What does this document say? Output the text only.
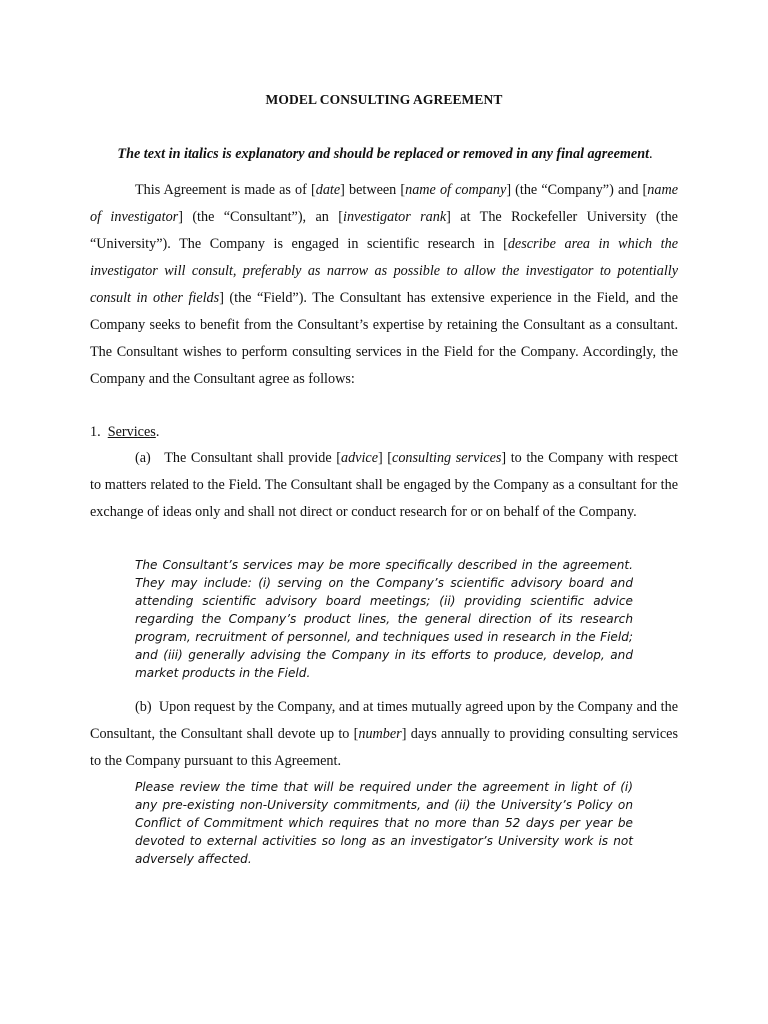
MODEL CONSULTING AGREEMENT
The text in italics is explanatory and should be replaced or removed in any final agreement.

This Agreement is made as of [date] between [name of company] (the “Company”) and [name of investigator] (the “Consultant”), an [investigator rank] at The Rockefeller University (the “University”). The Company is engaged in scientific research in [describe area in which the investigator will consult, preferably as narrow as possible to allow the investigator to potentially consult in other fields] (the “Field”). The Consultant has extensive experience in the Field, and the Company seeks to benefit from the Consultant’s expertise by retaining the Consultant as a consultant. The Consultant wishes to perform consulting services in the Field for the Company. Accordingly, the Company and the Consultant agree as follows:

1. Services.

(a) The Consultant shall provide [advice] [consulting services] to the Company with respect to matters related to the Field. The Consultant shall be engaged by the Company as a consultant for the exchange of ideas only and shall not direct or conduct research for or on behalf of the Company.

The Consultant’s services may be more specifically described in the agreement. They may include: (i) serving on the Company’s scientific advisory board and attending scientific advisory board meetings; (ii) providing scientific advice regarding the Company’s product lines, the general direction of its research program, recruitment of personnel, and techniques used in research in the Field; and (iii) generally advising the Company in its efforts to produce, develop, and market products in the Field.

(b) Upon request by the Company, and at times mutually agreed upon by the Company and the Consultant, the Consultant shall devote up to [number] days annually to providing consulting services to the Company pursuant to this Agreement.

Please review the time that will be required under the agreement in light of (i) any pre-existing non-University commitments, and (ii) the University’s Policy on Conflict of Commitment which requires that no more than 52 days per year be devoted to external activities so long as an investigator’s University work is not adversely affected.
